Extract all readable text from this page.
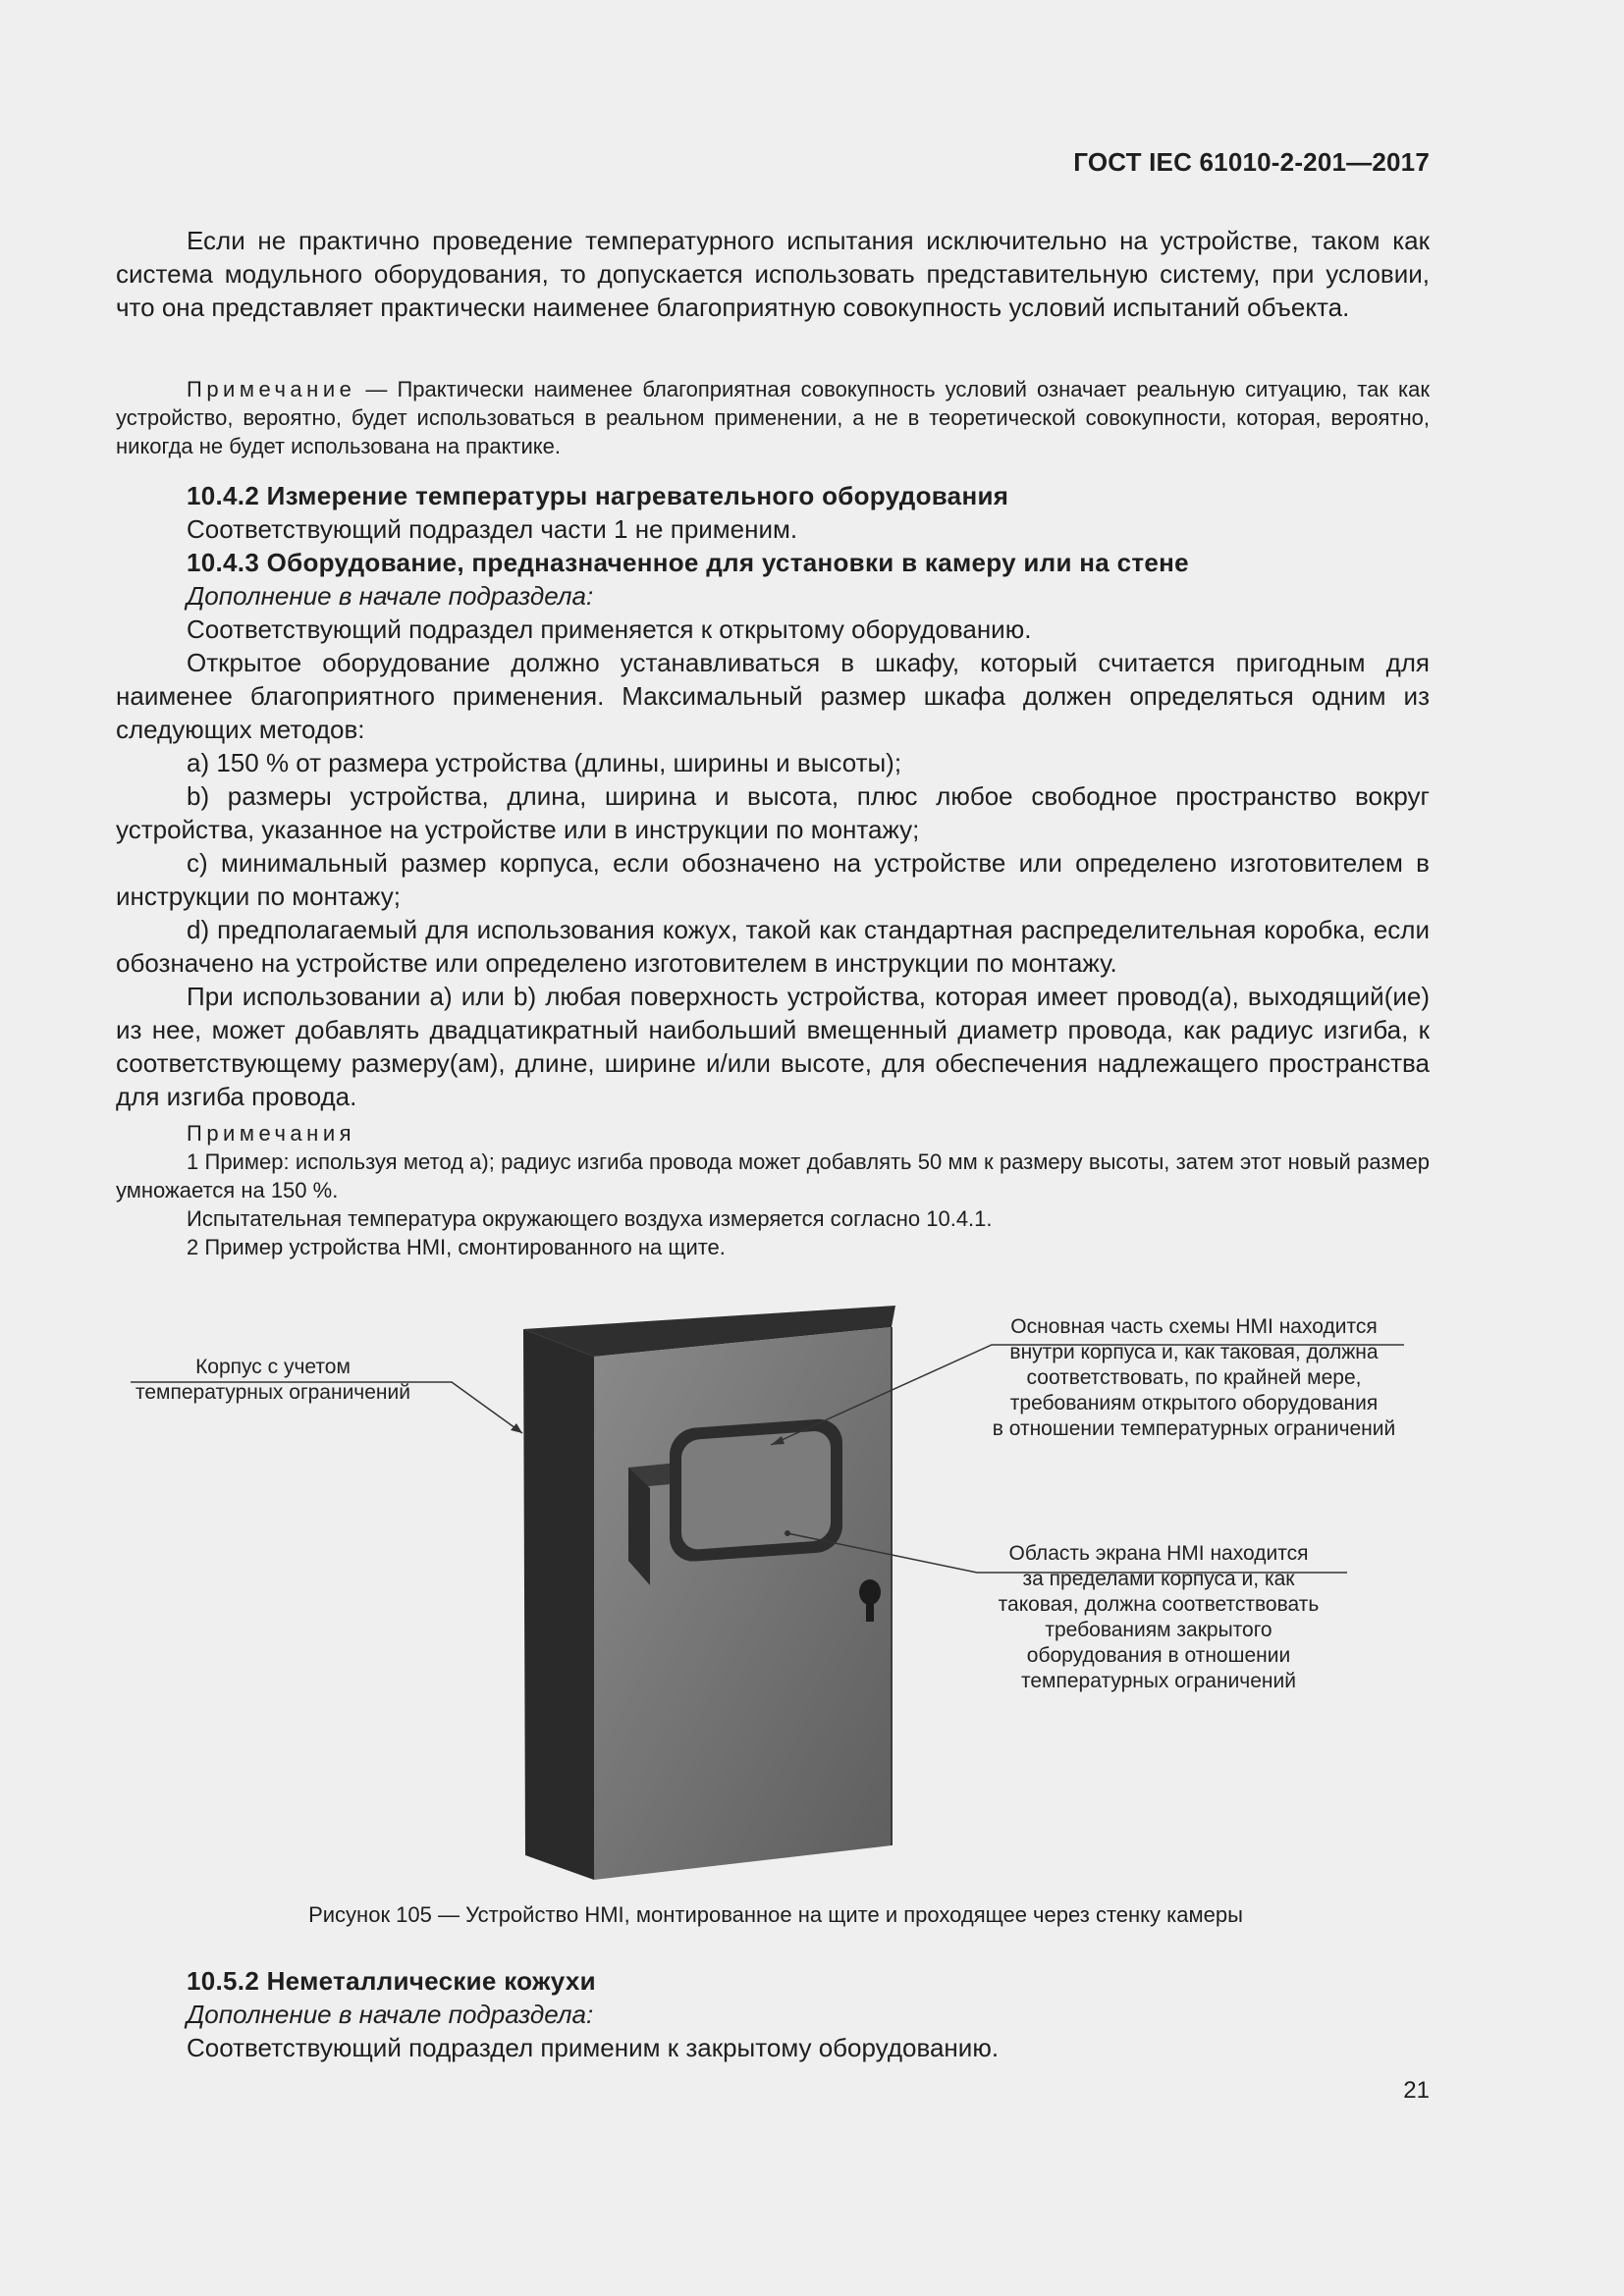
ГОСТ IEC 61010-2-201—2017

Если не практично проведение температурного испытания исключительно на устройстве, таком как система модульного оборудования, то допускается использовать представительную систему, при условии, что она представляет практически наименее благоприятную совокупность условий испытаний объекта.

Примечание — Практически наименее благоприятная совокупность условий означает реальную ситуацию, так как устройство, вероятно, будет использоваться в реальном применении, а не в теоретической совокупности, которая, вероятно, никогда не будет использована на практике.

10.4.2 Измерение температуры нагревательного оборудования

Соответствующий подраздел части 1 не применим.

10.4.3 Оборудование, предназначенное для установки в камеру или на стене

Дополнение в начале подраздела:

Соответствующий подраздел применяется к открытому оборудованию.

Открытое оборудование должно устанавливаться в шкафу, который считается пригодным для наименее благоприятного применения. Максимальный размер шкафа должен определяться одним из следующих методов:

a) 150 % от размера устройства (длины, ширины и высоты);

b) размеры устройства, длина, ширина и высота, плюс любое свободное пространство вокруг устройства, указанное на устройстве или в инструкции по монтажу;

c) минимальный размер корпуса, если обозначено на устройстве или определено изготовителем в инструкции по монтажу;

d) предполагаемый для использования кожух, такой как стандартная распределительная коробка, если обозначено на устройстве или определено изготовителем в инструкции по монтажу.

При использовании a) или b) любая поверхность устройства, которая имеет провод(а), выходящий(ие) из нее, может добавлять двадцатикратный наибольший вмещенный диаметр провода, как радиус изгиба, к соответствующему размеру(ам), длине, ширине и/или высоте, для обеспечения надлежащего пространства для изгиба провода.

Примечания

1 Пример: используя метод a); радиус изгиба провода может добавлять 50 мм к размеру высоты, затем этот новый размер умножается на 150 %.

Испытательная температура окружающего воздуха измеряется согласно 10.4.1.

2 Пример устройства HMI, смонтированного на щите.

Корпус с учетом
температурных ограничений
Основная часть схемы HMI находится
внутри корпуса и, как таковая, должна
соответствовать, по крайней мере,
требованиям открытого оборудования
в отношении температурных ограничений
Область экрана HMI находится
за пределами корпуса и, как
таковая, должна соответствовать
требованиям закрытого
оборудования в отношении
температурных ограничений
Рисунок 105 — Устройство HMI, монтированное на щите и проходящее через стенку камеры

10.5.2 Неметаллические кожухи

Дополнение в начале подраздела:

Соответствующий подраздел применим к закрытому оборудованию.

21
